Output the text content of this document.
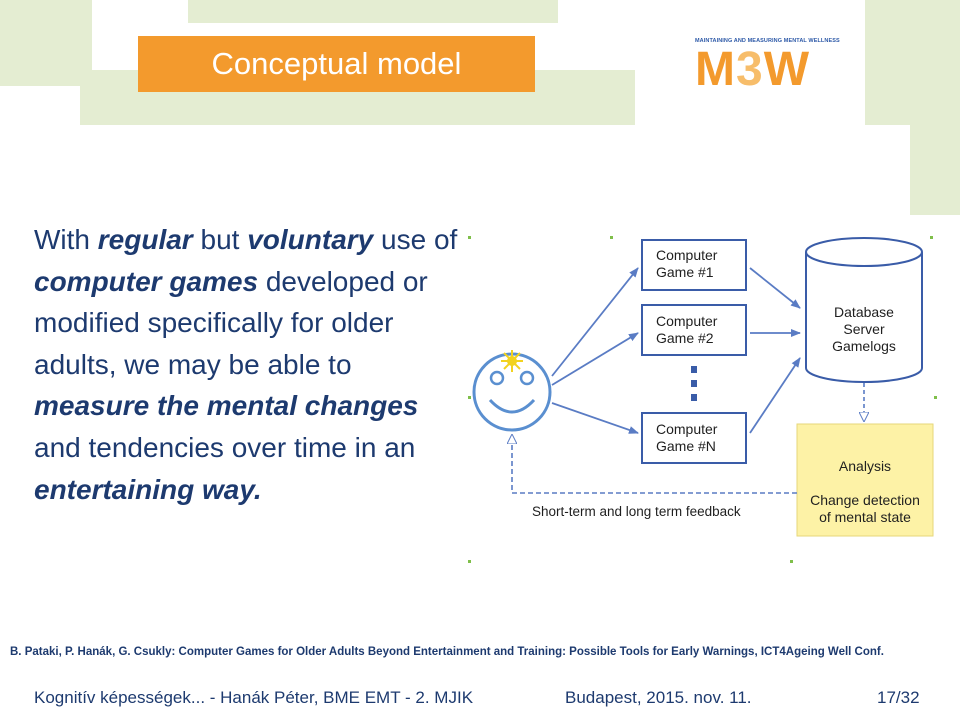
Conceptual model
MAINTAINING AND MEASURING MENTAL WELLNESS
M3W
With regular but voluntary use of computer games developed or modified specifically for older adults, we may be able to measure the mental changes and tendencies over time in an entertaining way.
Computer
Game #1
Computer
Game #2
Computer
Game #N
Database
Server
Gamelogs
Analysis
Change detection
of mental state
Short-term and long term feedback
B. Pataki, P. Hanák, G. Csukly: Computer Games for Older Adults Beyond Entertainment and Training: Possible Tools for Early Warnings, ICT4Ageing Well Conf.
Kognitív képességek... - Hanák Péter, BME EMT - 2. MJIK	Budapest, 2015. nov. 11.	17/32
